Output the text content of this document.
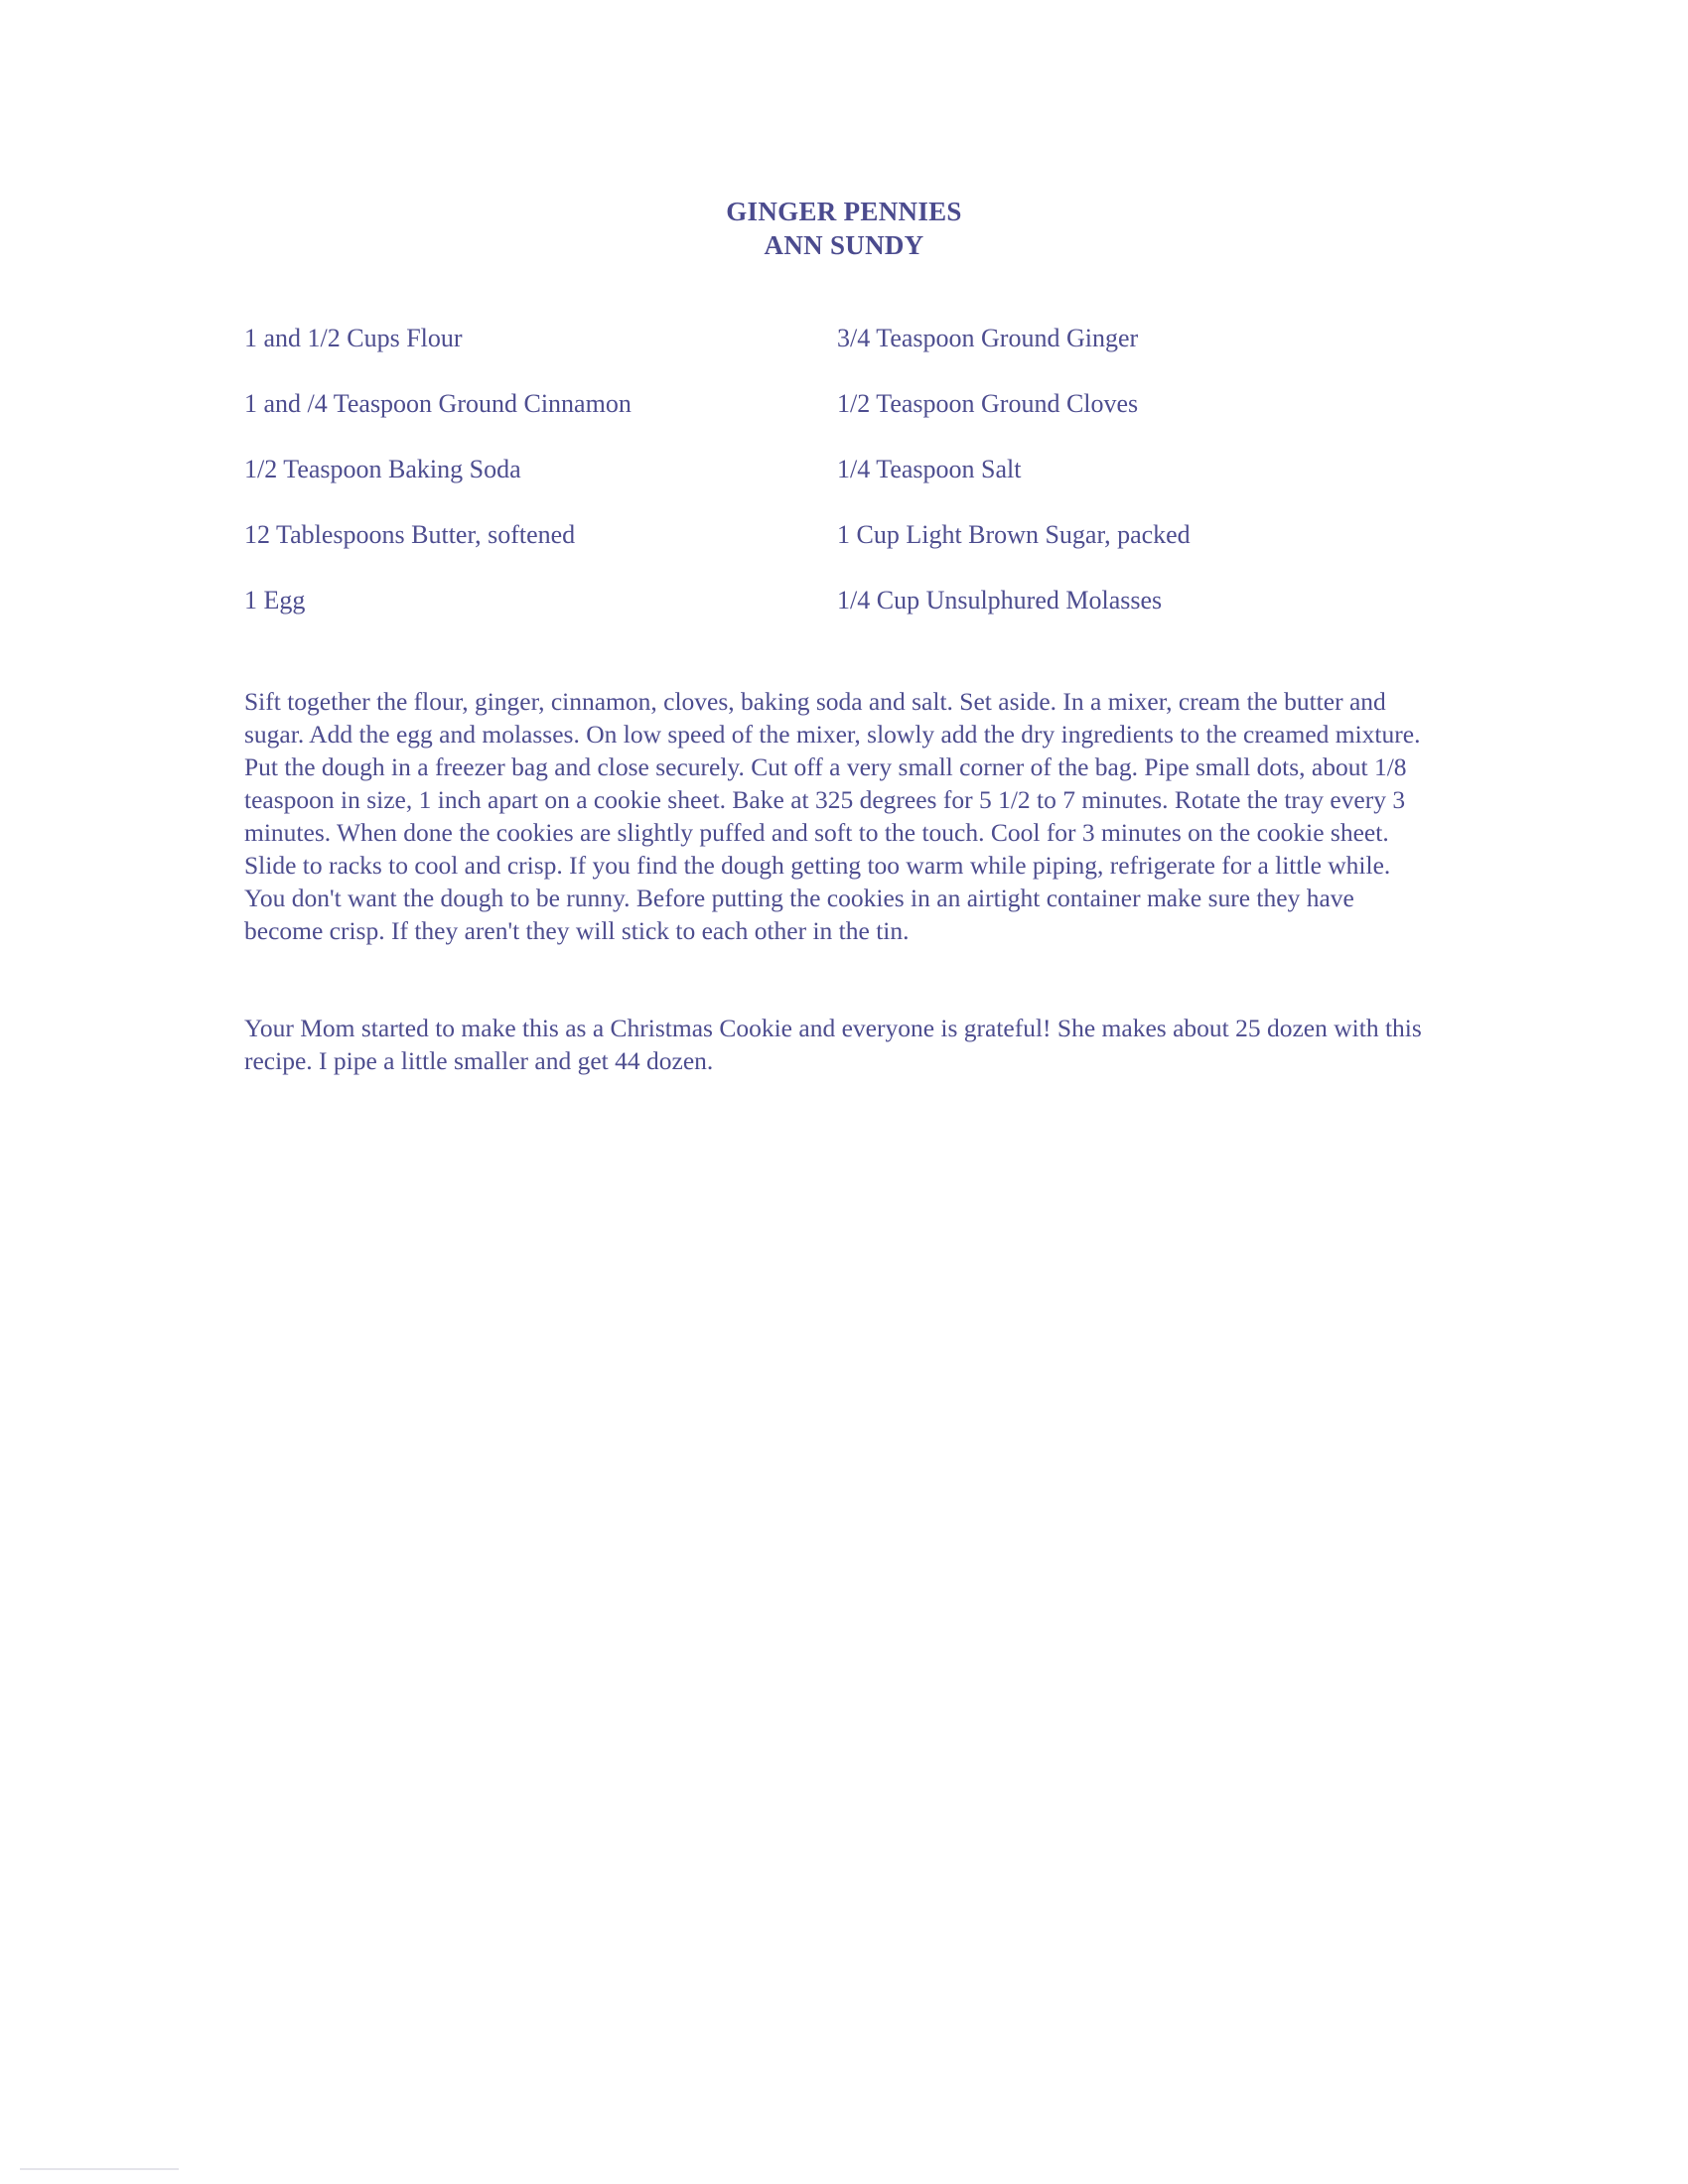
GINGER PENNIES
ANN SUNDY
1 and 1/2 Cups Flour	3/4 Teaspoon Ground Ginger
1 and /4 Teaspoon Ground Cinnamon	1/2 Teaspoon Ground Cloves
1/2 Teaspoon Baking Soda	1/4 Teaspoon Salt
12 Tablespoons Butter, softened	1 Cup Light Brown Sugar, packed
1 Egg	1/4 Cup Unsulphured Molasses

Sift together the flour, ginger, cinnamon, cloves, baking soda and salt. Set aside. In a mixer, cream the butter and sugar. Add the egg and molasses. On low speed of the mixer, slowly add the dry ingredients to the creamed mixture. Put the dough in a freezer bag and close securely. Cut off a very small corner of the bag. Pipe small dots, about 1/8 teaspoon in size, 1 inch apart on a cookie sheet. Bake at 325 degrees for 5 1/2 to 7 minutes. Rotate the tray every 3 minutes. When done the cookies are slightly puffed and soft to the touch. Cool for 3 minutes on the cookie sheet. Slide to racks to cool and crisp. If you find the dough getting too warm while piping, refrigerate for a little while. You don't want the dough to be runny. Before putting the cookies in an airtight container make sure they have become crisp. If they aren't they will stick to each other in the tin.

Your Mom started to make this as a Christmas Cookie and everyone is grateful! She makes about 25 dozen with this recipe. I pipe a little smaller and get 44 dozen.
